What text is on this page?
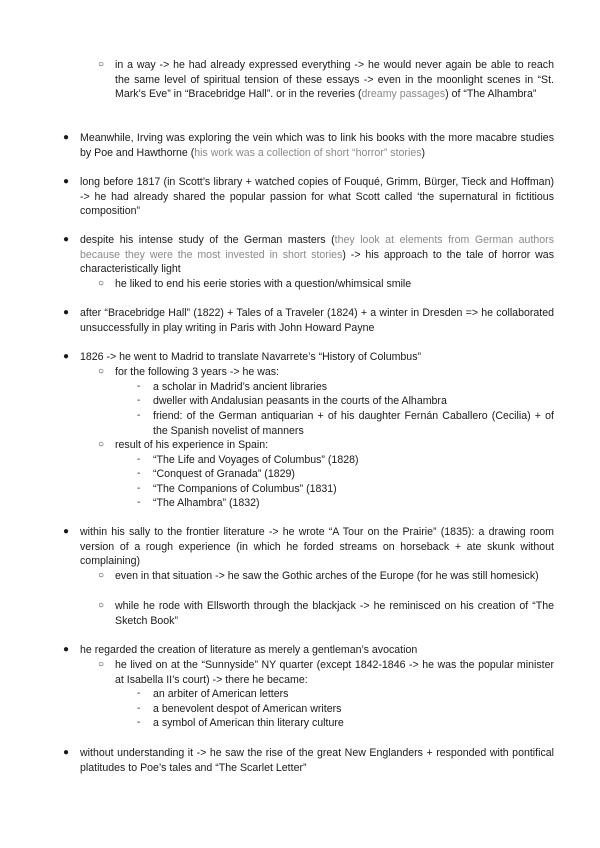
○ in a way -> he had already expressed everything -> he would never again be able to reach the same level of spiritual tension of these essays -> even in the moonlight scenes in “St. Mark’s Eve” in “Bracebridge Hall”. or in the reveries (dreamy passages) of “The Alhambra”
● Meanwhile, Irving was exploring the vein which was to link his books with the more macabre studies by Poe and Hawthorne (his work was a collection of short “horror” stories)
● long before 1817 (in Scott’s library + watched copies of Fouqué, Grimm, Bürger, Tieck and Hoffman) -> he had already shared the popular passion for what Scott called ‘the supernatural in fictitious composition”
● despite his intense study of the German masters (they look at elements from German authors because they were the most invested in short stories) -> his approach to the tale of horror was characteristically light
○ he liked to end his eerie stories with a question/whimsical smile
● after “Bracebridge Hall” (1822) + Tales of a Traveler (1824) + a winter in Dresden => he collaborated unsuccessfully in play writing in Paris with John Howard Payne
● 1826 -> he went to Madrid to translate Navarrete’s “History of Columbus”
○ for the following 3 years -> he was:
- a scholar in Madrid’s ancient libraries
- dweller with Andalusian peasants in the courts of the Alhambra
- friend: of the German antiquarian + of his daughter Fernán Caballero (Cecilia) + of the Spanish novelist of manners
○ result of his experience in Spain:
- “The Life and Voyages of Columbus” (1828)
- “Conquest of Granada” (1829)
- “The Companions of Columbus” (1831)
- “The Alhambra” (1832)
● within his sally to the frontier literature -> he wrote “A Tour on the Prairie” (1835): a drawing room version of a rough experience (in which he forded streams on horseback + ate skunk without complaining)
○ even in that situation -> he saw the Gothic arches of the Europe (for he was still homesick)
○ while he rode with Ellsworth through the blackjack -> he reminisced on his creation of “The Sketch Book”
● he regarded the creation of literature as merely a gentleman’s avocation
○ he lived on at the “Sunnyside” NY quarter (except 1842-1846 -> he was the popular minister at Isabella II’s court) -> there he became:
- an arbiter of American letters
- a benevolent despot of American writers
- a symbol of American thin literary culture
● without understanding it -> he saw the rise of the great New Englanders + responded with pontifical platitudes to Poe’s tales and “The Scarlet Letter”
